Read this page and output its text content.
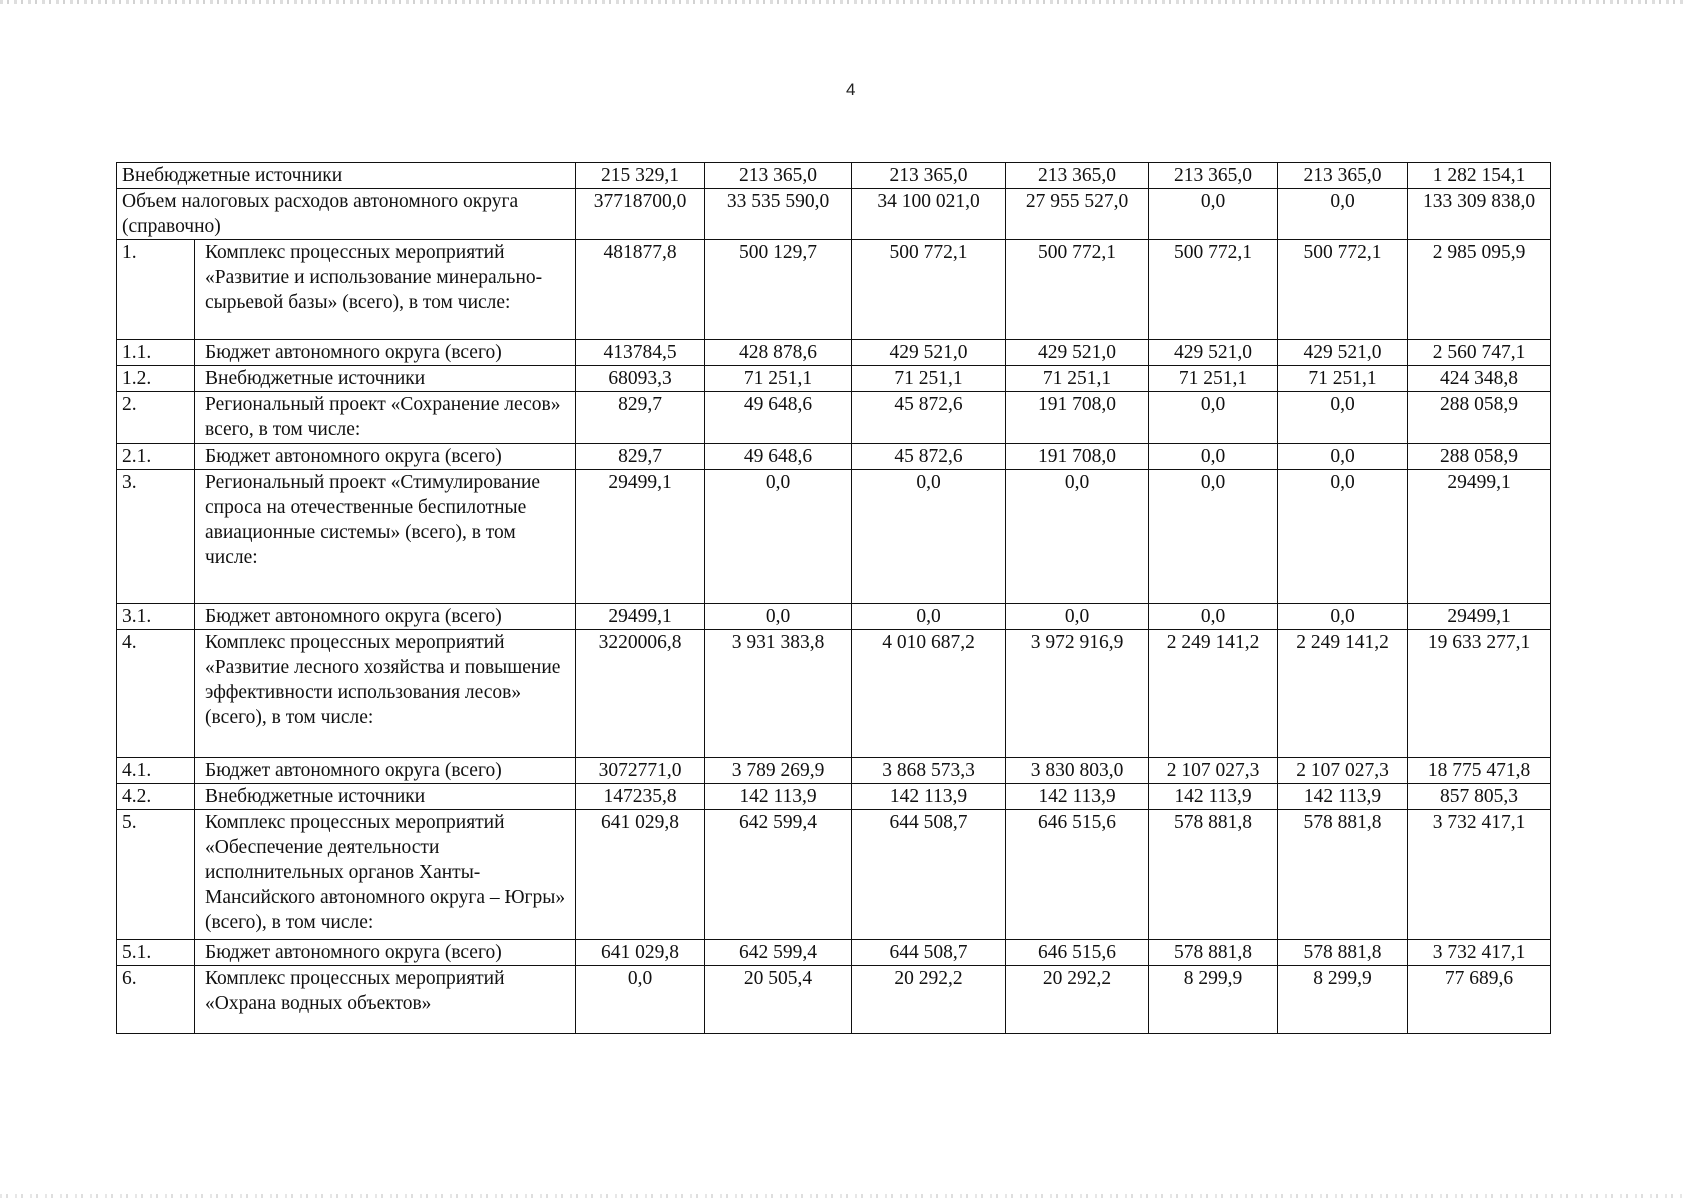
4
Внебюджетные источники		215 329,1	213 365,0	213 365,0	213 365,0	213 365,0	213 365,0	1 282 154,1
Объем налоговых расходов автономного округа (справочно)		37718700,0	33 535 590,0	34 100 021,0	27 955 527,0	0,0	0,0	133 309 838,0
1.	Комплекс процессных мероприятий «Развитие и использование минерально-сырьевой базы» (всего), в том числе:	481877,8	500 129,7	500 772,1	500 772,1	500 772,1	500 772,1	2 985 095,9
1.1.	Бюджет автономного округа (всего)	413784,5	428 878,6	429 521,0	429 521,0	429 521,0	429 521,0	2 560 747,1
1.2.	Внебюджетные источники	68093,3	71 251,1	71 251,1	71 251,1	71 251,1	71 251,1	424 348,8
2.	Региональный проект «Сохранение лесов» всего, в том числе:	829,7	49 648,6	45 872,6	191 708,0	0,0	0,0	288 058,9
2.1.	Бюджет автономного округа (всего)	829,7	49 648,6	45 872,6	191 708,0	0,0	0,0	288 058,9
3.	Региональный проект «Стимулирование спроса на отечественные беспилотные авиационные системы» (всего), в том числе:	29499,1	0,0	0,0	0,0	0,0	0,0	29499,1
3.1.	Бюджет автономного округа (всего)	29499,1	0,0	0,0	0,0	0,0	0,0	29499,1
4.	Комплекс процессных мероприятий «Развитие лесного хозяйства и повышение эффективности использования лесов» (всего), в том числе:	3220006,8	3 931 383,8	4 010 687,2	3 972 916,9	2 249 141,2	2 249 141,2	19 633 277,1
4.1.	Бюджет автономного округа (всего)	3072771,0	3 789 269,9	3 868 573,3	3 830 803,0	2 107 027,3	2 107 027,3	18 775 471,8
4.2.	Внебюджетные источники	147235,8	142 113,9	142 113,9	142 113,9	142 113,9	142 113,9	857 805,3
5.	Комплекс процессных мероприятий «Обеспечение деятельности исполнительных органов Ханты-Мансийского автономного округа – Югры» (всего), в том числе:	641 029,8	642 599,4	644 508,7	646 515,6	578 881,8	578 881,8	3 732 417,1
5.1.	Бюджет автономного округа (всего)	641 029,8	642 599,4	644 508,7	646 515,6	578 881,8	578 881,8	3 732 417,1
6.	Комплекс процессных мероприятий «Охрана водных объектов»	0,0	20 505,4	20 292,2	20 292,2	8 299,9	8 299,9	77 689,6
